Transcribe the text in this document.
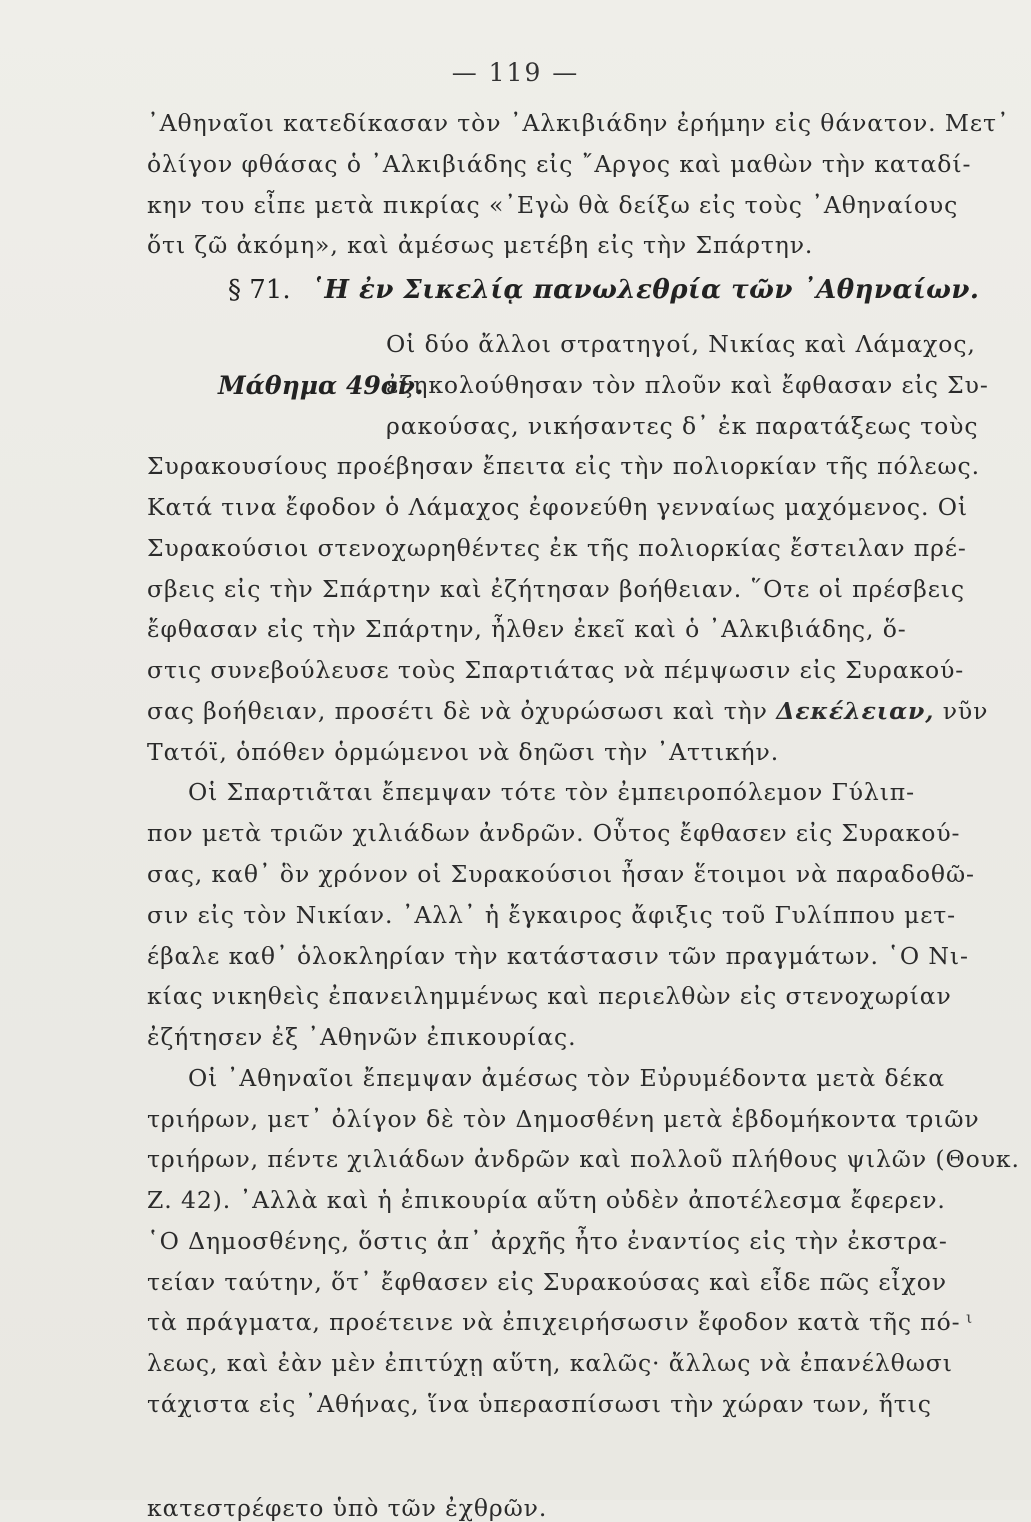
— 119 —
᾿Αθηναῖοι κατεδίκασαν τὸν ᾿Αλκιβιάδην ἐρήμην εἰς θάνατον. Μετ᾿
ὀλίγον φθάσας ὁ ᾿Αλκιβιάδης εἰς ῎Αργος καὶ μαθὼν τὴν καταδί-
κην του εἶπε μετὰ πικρίας «᾿Εγὼ θὰ δείξω εἰς τοὺς ᾿Αθηναίους
ὅτι ζῶ ἀκόμη», καὶ ἀμέσως μετέβη εἰς τὴν Σπάρτην.
§ 71. ῾Η ἐν Σικελίᾳ πανωλεθρία τῶν ᾿Αθηναίων.
Μάθημα 49ον.
Οἱ δύο ἄλλοι στρατηγοί, Νικίας καὶ Λάμαχος,
ἐξηκολούθησαν τὸν πλοῦν καὶ ἔφθασαν εἰς Συ-
ρακούσας, νικήσαντες δ᾿ ἐκ παρατάξεως τοὺς
Συρακουσίους προέβησαν ἔπειτα εἰς τὴν πολιορκίαν τῆς πόλεως.
Κατά τινα ἔφοδον ὁ Λάμαχος ἐφονεύθη γενναίως μαχόμενος. Οἱ
Συρακούσιοι στενοχωρηθέντες ἐκ τῆς πολιορκίας ἔστειλαν πρέ-
σβεις εἰς τὴν Σπάρτην καὶ ἐζήτησαν βοήθειαν. ῞Οτε οἱ πρέσβεις
ἔφθασαν εἰς τὴν Σπάρτην, ἦλθεν ἐκεῖ καὶ ὁ ᾿Αλκιβιάδης, ὅ-
στις συνεβούλευσε τοὺς Σπαρτιάτας νὰ πέμψωσιν εἰς Συρακού-
σας βοήθειαν, προσέτι δὲ νὰ ὀχυρώσωσι καὶ τὴν Δεκέλειαν, νῦν
Τατόϊ, ὁπόθεν ὁρμώμενοι νὰ δηῶσι τὴν ᾿Αττικήν.
Οἱ Σπαρτιᾶται ἔπεμψαν τότε τὸν ἐμπειροπόλεμον Γύλιπ-
πον μετὰ τριῶν χιλιάδων ἀνδρῶν. Οὗτος ἔφθασεν εἰς Συρακού-
σας, καθ᾿ ὃν χρόνον οἱ Συρακούσιοι ἦσαν ἕτοιμοι νὰ παραδοθῶ-
σιν εἰς τὸν Νικίαν. ᾿Αλλ᾿ ἡ ἔγκαιρος ἄφιξις τοῦ Γυλίππου μετ-
έβαλε καθ᾿ ὁλοκληρίαν τὴν κατάστασιν τῶν πραγμάτων. ῾Ο Νι-
κίας νικηθεὶς ἐπανειλημμένως καὶ περιελθὼν εἰς στενοχωρίαν
ἐζήτησεν ἐξ ᾿Αθηνῶν ἐπικουρίας.
Οἱ ᾿Αθηναῖοι ἔπεμψαν ἀμέσως τὸν Εὐρυμέδοντα μετὰ δέκα
τριήρων, μετ᾿ ὀλίγον δὲ τὸν Δημοσθένη μετὰ ἑβδομήκοντα τριῶν
τριήρων, πέντε χιλιάδων ἀνδρῶν καὶ πολλοῦ πλήθους ψιλῶν (Θουκ.
Ζ. 42). ᾿Αλλὰ καὶ ἡ ἐπικουρία αὕτη οὐδὲν ἀποτέλεσμα ἔφερεν.
῾Ο Δημοσθένης, ὅστις ἀπ᾿ ἀρχῆς ἦτο ἐναντίος εἰς τὴν ἐκστρα-
τείαν ταύτην, ὅτ᾿ ἔφθασεν εἰς Συρακούσας καὶ εἶδε πῶς εἶχον
τὰ πράγματα, προέτεινε νὰ ἐπιχειρήσωσιν ἔφοδον κατὰ τῆς πό-
λεως, καὶ ἐὰν μὲν ἐπιτύχῃ αὕτη, καλῶς· ἄλλως νὰ ἐπανέλθωσι
τάχιστα εἰς ᾿Αθήνας, ἵνα ὑπερασπίσωσι τὴν χώραν των, ἥτις
κατεστρέφετο ὑπὸ τῶν ἐχθρῶν.
ι
